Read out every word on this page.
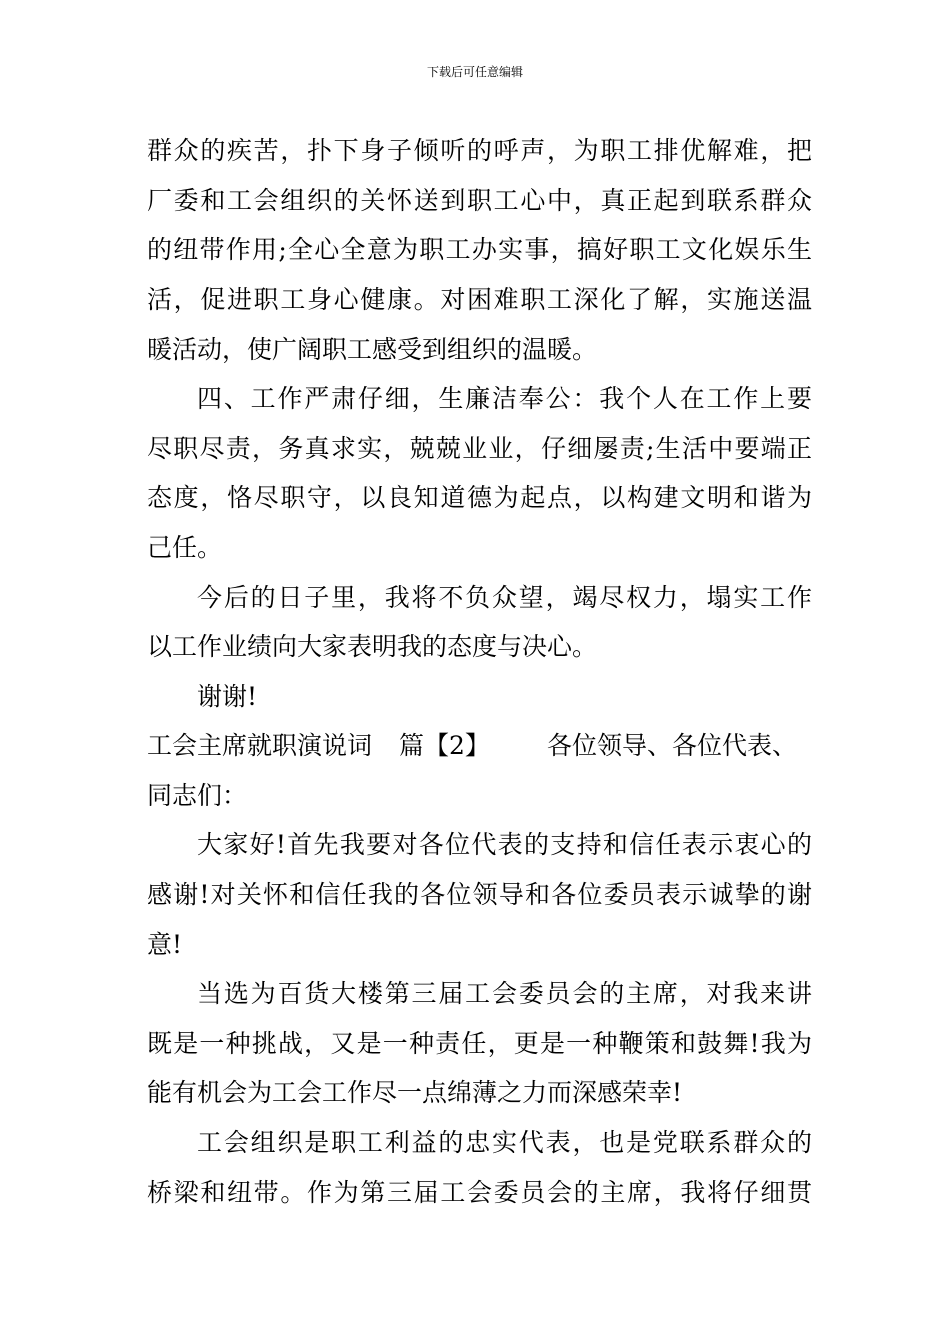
下载后可任意编辑
群众的疾苦，扑下身子倾听的呼声，为职工排优解难，把
厂委和工会组织的关怀送到职工心中，真正起到联系群众
的纽带作用;全心全意为职工办实事，搞好职工文化娱乐生
活，促进职工身心健康。对困难职工深化了解，实施送温
暖活动，使广阔职工感受到组织的温暖。
四、工作严肃仔细，生廉洁奉公：我个人在工作上要
尽职尽责，务真求实，兢兢业业，仔细屡责;生活中要端正
态度，恪尽职守，以良知道德为起点，以构建文明和谐为
己任。
今后的日子里，我将不负众望，竭尽权力，塌实工作
以工作业绩向大家表明我的态度与决心。
谢谢!
工会主席就职演说词 篇【2】 各位领导、各位代表、
同志们：
大家好!首先我要对各位代表的支持和信任表示衷心的
感谢!对关怀和信任我的各位领导和各位委员表示诚挚的谢
意!
当选为百货大楼第三届工会委员会的主席，对我来讲
既是一种挑战，又是一种责任，更是一种鞭策和鼓舞!我为
能有机会为工会工作尽一点绵薄之力而深感荣幸!
工会组织是职工利益的忠实代表，也是党联系群众的
桥梁和纽带。作为第三届工会委员会的主席，我将仔细贯
